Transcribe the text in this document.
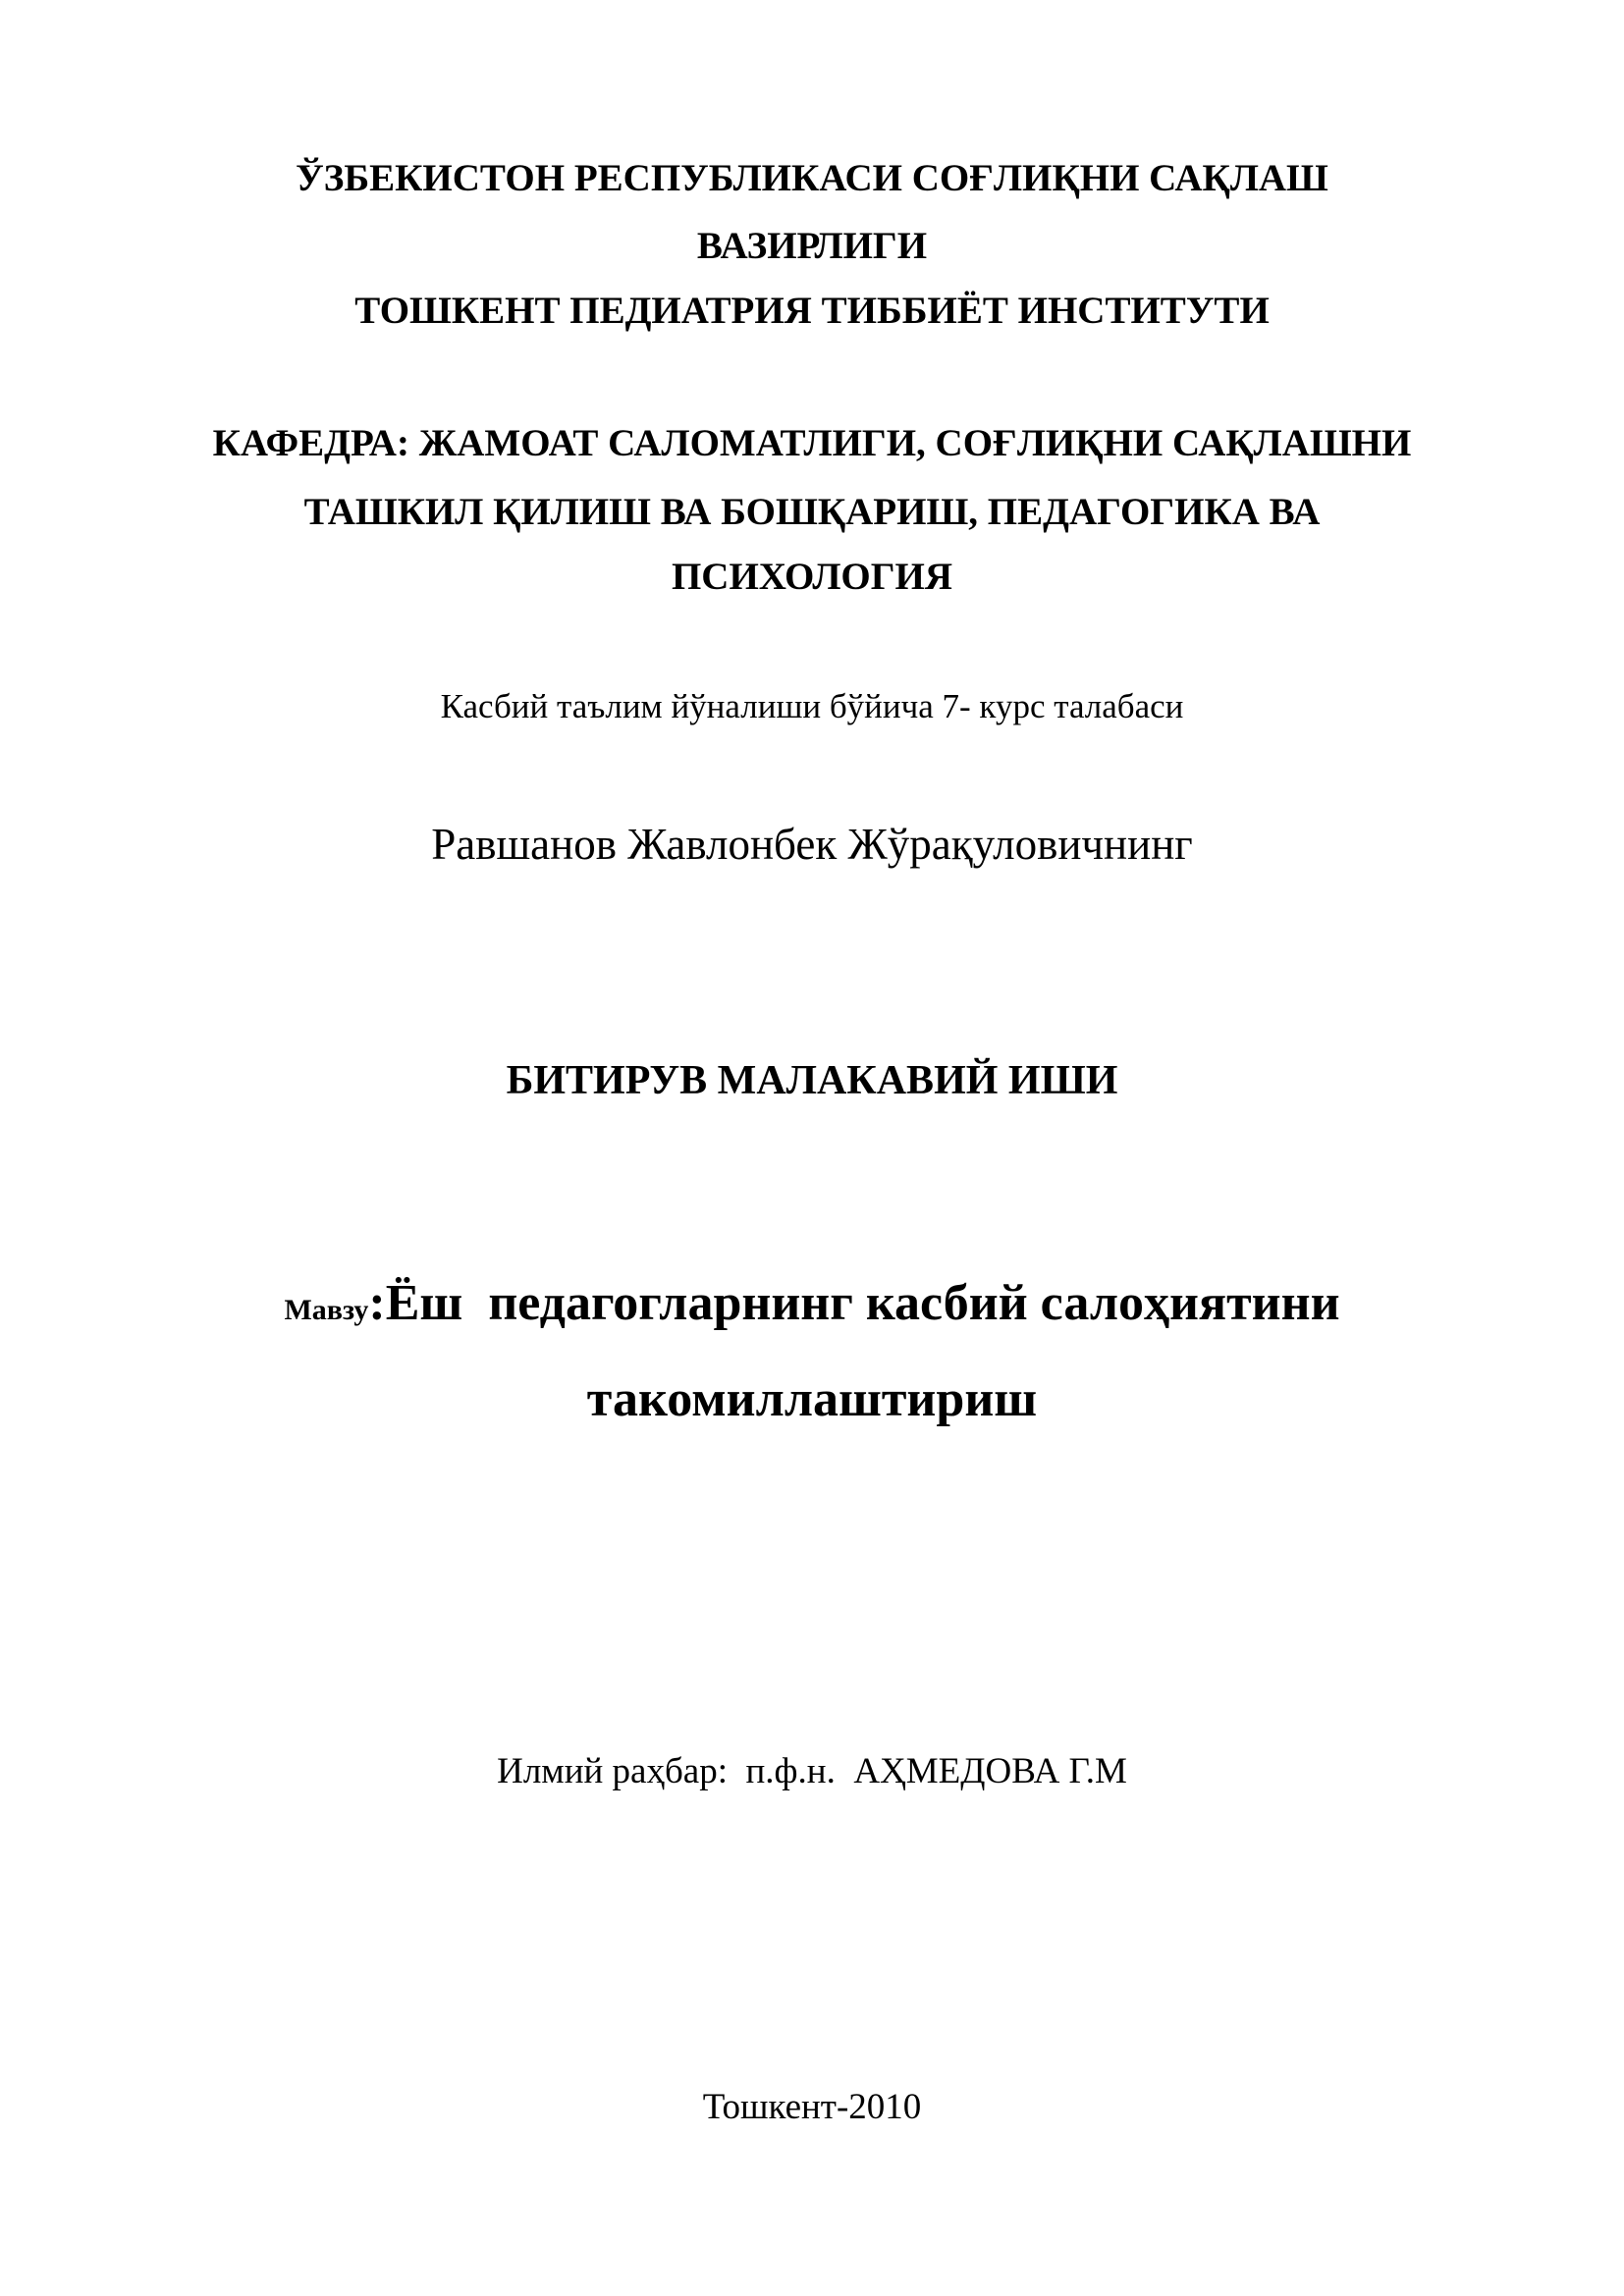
ЎЗБЕКИСТОН РЕСПУБЛИКАСИ СОҒЛИҚНИ САҚЛАШ
ВАЗИРЛИГИ
ТОШКЕНТ ПЕДИАТРИЯ ТИББИЁТ ИНСТИТУТИ
КАФЕДРА: ЖАМОАТ САЛОМАТЛИГИ, СОҒЛИҚНИ САҚЛАШНИ
ТАШКИЛ ҚИЛИШ ВА БОШҚАРИШ, ПЕДАГОГИКА ВА
ПСИХОЛОГИЯ
Касбий таълим йўналиши бўйича 7- курс талабаси
Равшанов Жавлонбек Жўрақуловичнинг
БИТИРУВ МАЛАКАВИЙ ИШИ
Мавзу:Ёш  педагогларнинг касбий салоҳиятини
такомиллаштириш
Илмий раҳбар:  п.ф.н.  АҲМЕДОВА Г.М
Тошкент-2010
